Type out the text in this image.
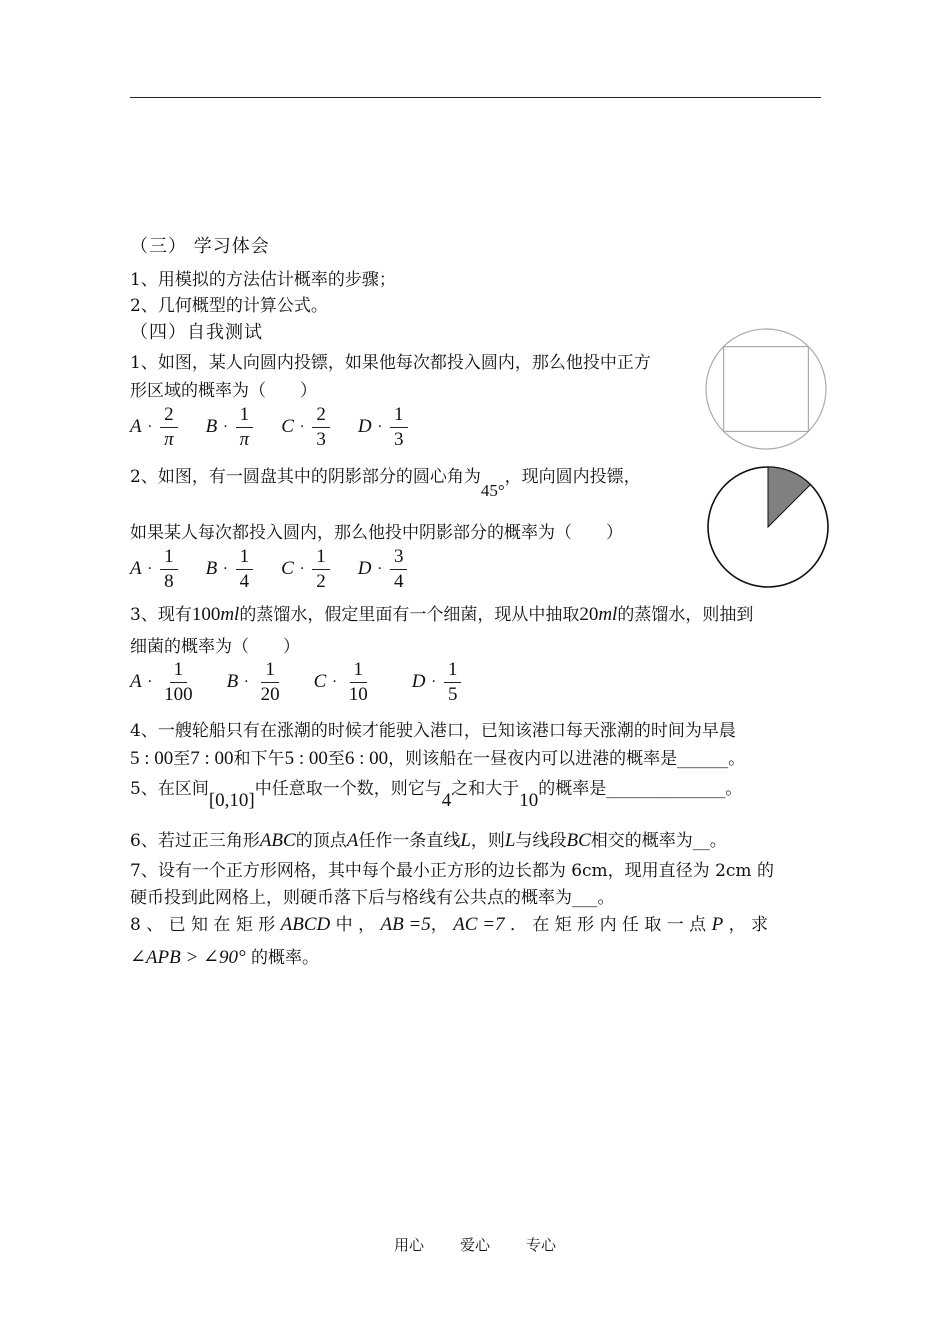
（三） 学习体会
1、用模拟的方法估计概率的步骤；
2、几何概型的计算公式。
（四）自我测试
1、如图，某人向圆内投镖，如果他每次都投入圆内，那么他投中正方
形区域的概率为（　　）
$A \cdot \frac{2}{\pi}$ $B \cdot \frac{1}{\pi}$ $C \cdot \frac{2}{3}$ $D \cdot \frac{1}{3}$
2、如图，有一圆盘其中的阴影部分的圆心角为45°，现向圆内投镖，
如果某人每次都投入圆内，那么他投中阴影部分的概率为（　　）
$A \cdot \frac{1}{8}$ $B \cdot \frac{1}{4}$ $C \cdot \frac{1}{2}$ $D \cdot \frac{3}{4}$
3、现有100ml的蒸馏水，假定里面有一个细菌，现从中抽取20ml的蒸馏水，则抽到
细菌的概率为（　　）
$A \cdot \frac{1}{100}$ $B \cdot \frac{1}{20}$ $C \cdot \frac{1}{10}$ $D \cdot \frac{1}{5}$
4、一艘轮船只有在涨潮的时候才能驶入港口，已知该港口每天涨潮的时间为早晨
5 : 00至7 : 00和下午5 : 00至6 : 00，则该船在一昼夜内可以进港的概率是______。
5、在区间[0,10]中任意取一个数，则它与4之和大于10的概率是______________。
6、若过正三角形ABC的顶点A任作一条直线L，则L与线段BC相交的概率为__。
7、设有一个正方形网格，其中每个最小正方形的边长都为 6cm，现用直径为 2cm 的
硬币投到此网格上，则硬币落下后与格线有公共点的概率为___。
8 、 已 知 在 矩 形 ABCD 中 ， AB =5， AC =7 ． 在 矩 形 内 任 取 一 点 P ， 求
∠APB > ∠90° 的概率。
用心 爱心 专心
